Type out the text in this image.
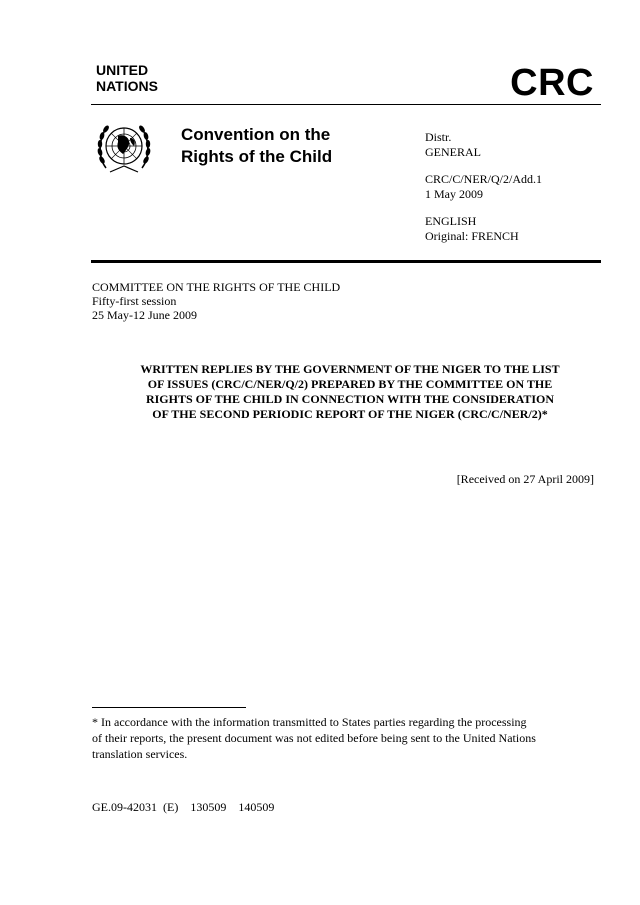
UNITED
NATIONS	CRC
Convention on the
Rights of the Child
Distr.
GENERAL
CRC/C/NER/Q/2/Add.1
1 May 2009
ENGLISH
Original: FRENCH
COMMITTEE ON THE RIGHTS OF THE CHILD
Fifty-first session
25 May-12 June 2009
WRITTEN REPLIES BY THE GOVERNMENT OF THE NIGER TO THE LIST
OF ISSUES (CRC/C/NER/Q/2) PREPARED BY THE COMMITTEE ON THE
RIGHTS OF THE CHILD IN CONNECTION WITH THE CONSIDERATION
OF THE SECOND PERIODIC REPORT OF THE NIGER (CRC/C/NER/2)*
[Received on 27 April 2009]
* In accordance with the information transmitted to States parties regarding the processing
of their reports, the present document was not edited before being sent to the United Nations
translation services.
GE.09-42031  (E)    130509    140509
